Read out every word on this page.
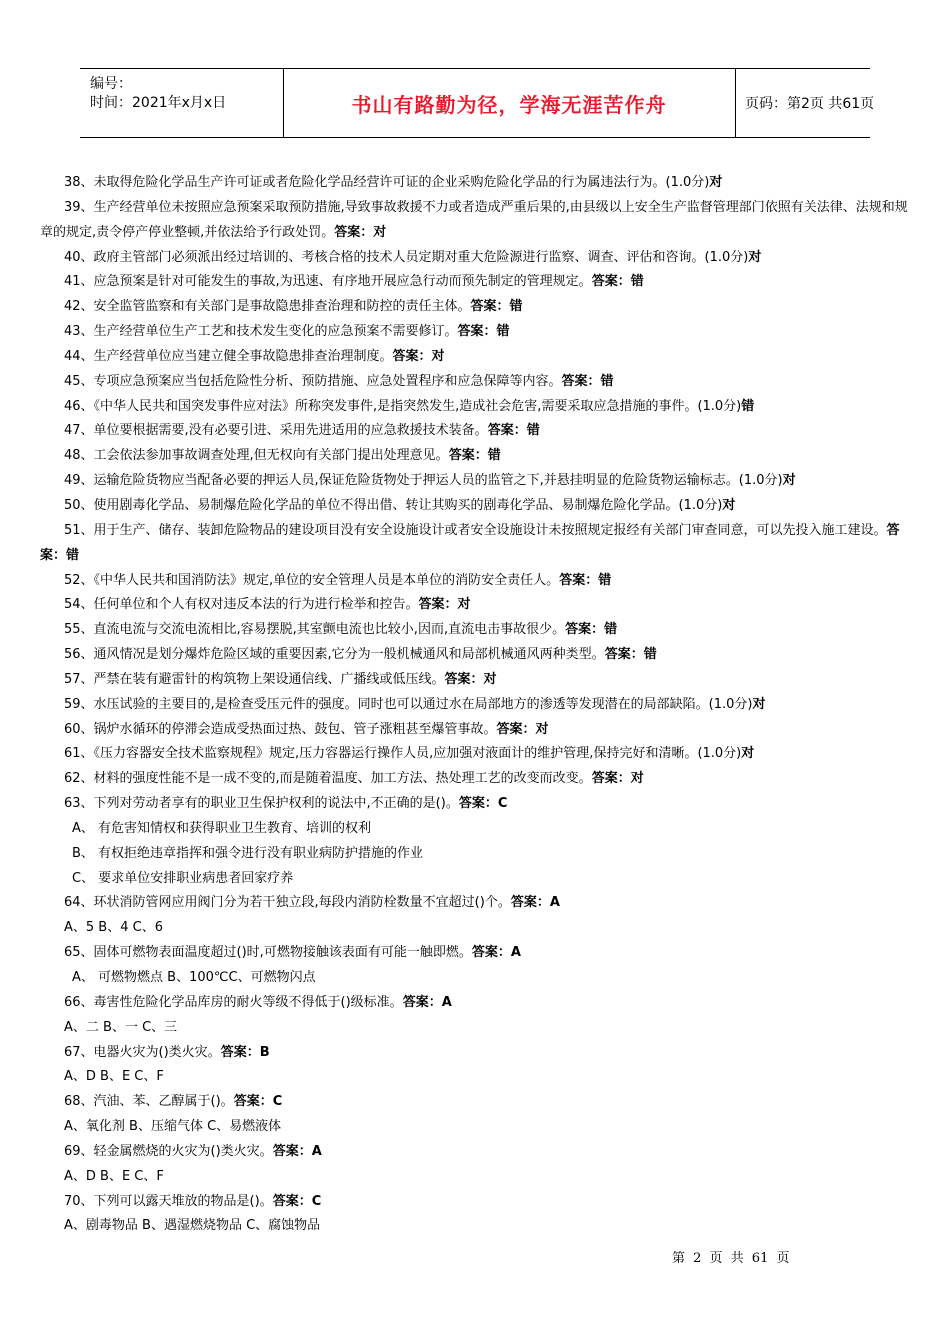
编号：
时间：2021年x月x日	书山有路勤为径，学海无涯苦作舟	页码：第2页 共61页
38、未取得危险化学品生产许可证或者危险化学品经营许可证的企业采购危险化学品的行为属违法行为。(1.0分)对
39、生产经营单位未按照应急预案采取预防措施,导致事故救援不力或者造成严重后果的,由县级以上安全生产监督管理部门依照有关法律、法规和规章的规定,责令停产停业整顿,并依法给予行政处罚。答案：对
40、政府主管部门必须派出经过培训的、考核合格的技术人员定期对重大危险源进行监察、调查、评估和咨询。(1.0分)对
41、应急预案是针对可能发生的事故,为迅速、有序地开展应急行动而预先制定的管理规定。答案：错
42、安全监管监察和有关部门是事故隐患排查治理和防控的责任主体。答案：错
43、生产经营单位生产工艺和技术发生变化的应急预案不需要修订。答案：错
44、生产经营单位应当建立健全事故隐患排查治理制度。答案：对
45、专项应急预案应当包括危险性分析、预防措施、应急处置程序和应急保障等内容。答案：错
46、《中华人民共和国突发事件应对法》所称突发事件,是指突然发生,造成社会危害,需要采取应急措施的事件。(1.0分)错
47、单位要根据需要,没有必要引进、采用先进适用的应急救援技术装备。答案：错
48、工会依法参加事故调查处理,但无权向有关部门提出处理意见。答案：错
49、运输危险货物应当配备必要的押运人员,保证危险货物处于押运人员的监管之下,并悬挂明显的危险货物运输标志。(1.0分)对
50、使用剧毒化学品、易制爆危险化学品的单位不得出借、转让其购买的剧毒化学品、易制爆危险化学品。(1.0分)对
51、用于生产、储存、装卸危险物品的建设项目没有安全设施设计或者安全设施设计未按照规定报经有关部门审查同意，可以先投入施工建设。答案：错
52、《中华人民共和国消防法》规定,单位的安全管理人员是本单位的消防安全责任人。答案：错
54、任何单位和个人有权对违反本法的行为进行检举和控告。答案：对
55、直流电流与交流电流相比,容易摆脱,其室颤电流也比较小,因而,直流电击事故很少。答案：错
56、通风情况是划分爆炸危险区域的重要因素,它分为一般机械通风和局部机械通风两种类型。答案：错
57、严禁在装有避雷针的构筑物上架设通信线、广播线或低压线。答案：对
59、水压试验的主要目的,是检查受压元件的强度。同时也可以通过水在局部地方的渗透等发现潜在的局部缺陷。(1.0分)对
60、锅炉水循环的停滞会造成受热面过热、鼓包、管子涨粗甚至爆管事故。答案：对
61、《压力容器安全技术监察规程》规定,压力容器运行操作人员,应加强对液面计的维护管理,保持完好和清晰。(1.0分)对
62、材料的强度性能不是一成不变的,而是随着温度、加工方法、热处理工艺的改变而改变。答案：对
63、下列对劳动者享有的职业卫生保护权利的说法中,不正确的是()。答案：C
A、 有危害知情权和获得职业卫生教育、培训的权利
B、 有权拒绝违章指挥和强令进行没有职业病防护措施的作业
C、 要求单位安排职业病患者回家疗养
64、环状消防管网应用阀门分为若干独立段,每段内消防栓数量不宜超过()个。答案：A
A、5 B、4 C、6
65、固体可燃物表面温度超过()时,可燃物接触该表面有可能一触即燃。答案：A
A、 可燃物燃点 B、100℃C、可燃物闪点
66、毒害性危险化学品库房的耐火等级不得低于()级标准。答案：A
A、二 B、一 C、三
67、电器火灾为()类火灾。答案：B
A、D B、E C、F
68、汽油、苯、乙醇属于()。答案：C
A、氧化剂 B、压缩气体 C、易燃液体
69、轻金属燃烧的火灾为()类火灾。答案：A
A、D B、E C、F
70、下列可以露天堆放的物品是()。答案：C
A、剧毒物品 B、遇湿燃烧物品 C、腐蚀物品
第 2 页 共 61 页
